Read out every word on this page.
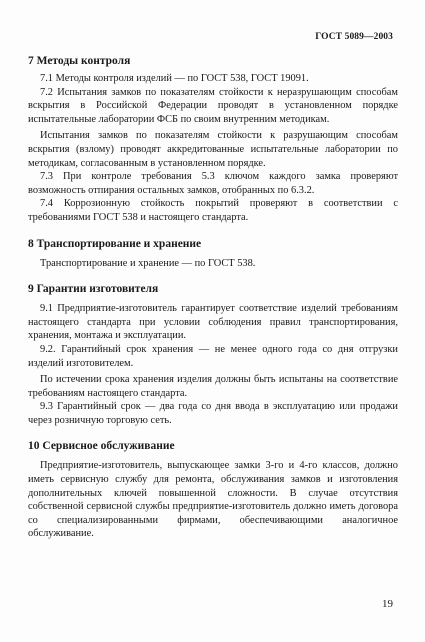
ГОСТ 5089—2003
7 Методы контроля

7.1 Методы контроля изделий — по ГОСТ 538, ГОСТ 19091.

7.2 Испытания замков по показателям стойкости к неразрушающим способам вскрытия в Российской Федерации проводят в установленном порядке испытательные лаборатории ФСБ по своим внутренним методикам.

Испытания замков по показателям стойкости к разрушающим способам вскрытия (взлому) проводят аккредитованные испытательные лаборатории по методикам, согласованным в установленном порядке.

7.3 При контроле требования 5.3 ключом каждого замка проверяют возможность отпирания остальных замков, отобранных по 6.3.2.

7.4 Коррозионную стойкость покрытий проверяют в соответствии с требованиями ГОСТ 538 и настоящего стандарта.

8 Транспортирование и хранение

Транспортирование и хранение — по ГОСТ 538.

9 Гарантии изготовителя

9.1 Предприятие-изготовитель гарантирует соответствие изделий требованиям настоящего стандарта при условии соблюдения правил транспортирования, хранения, монтажа и эксплуатации.

9.2. Гарантийный срок хранения — не менее одного года со дня отгрузки изделий изготовителем.

По истечении срока хранения изделия должны быть испытаны на соответствие требованиям настоящего стандарта.

9.3 Гарантийный срок — два года со дня ввода в эксплуатацию или продажи через розничную торговую сеть.

10 Сервисное обслуживание

Предприятие-изготовитель, выпускающее замки 3-го и 4-го классов, должно иметь сервисную службу для ремонта, обслуживания замков и изготовления дополнительных ключей повышенной сложности. В случае отсутствия собственной сервисной службы предприятие-изготовитель должно иметь договора со специализированными фирмами, обеспечивающими аналогичное обслуживание.

19
